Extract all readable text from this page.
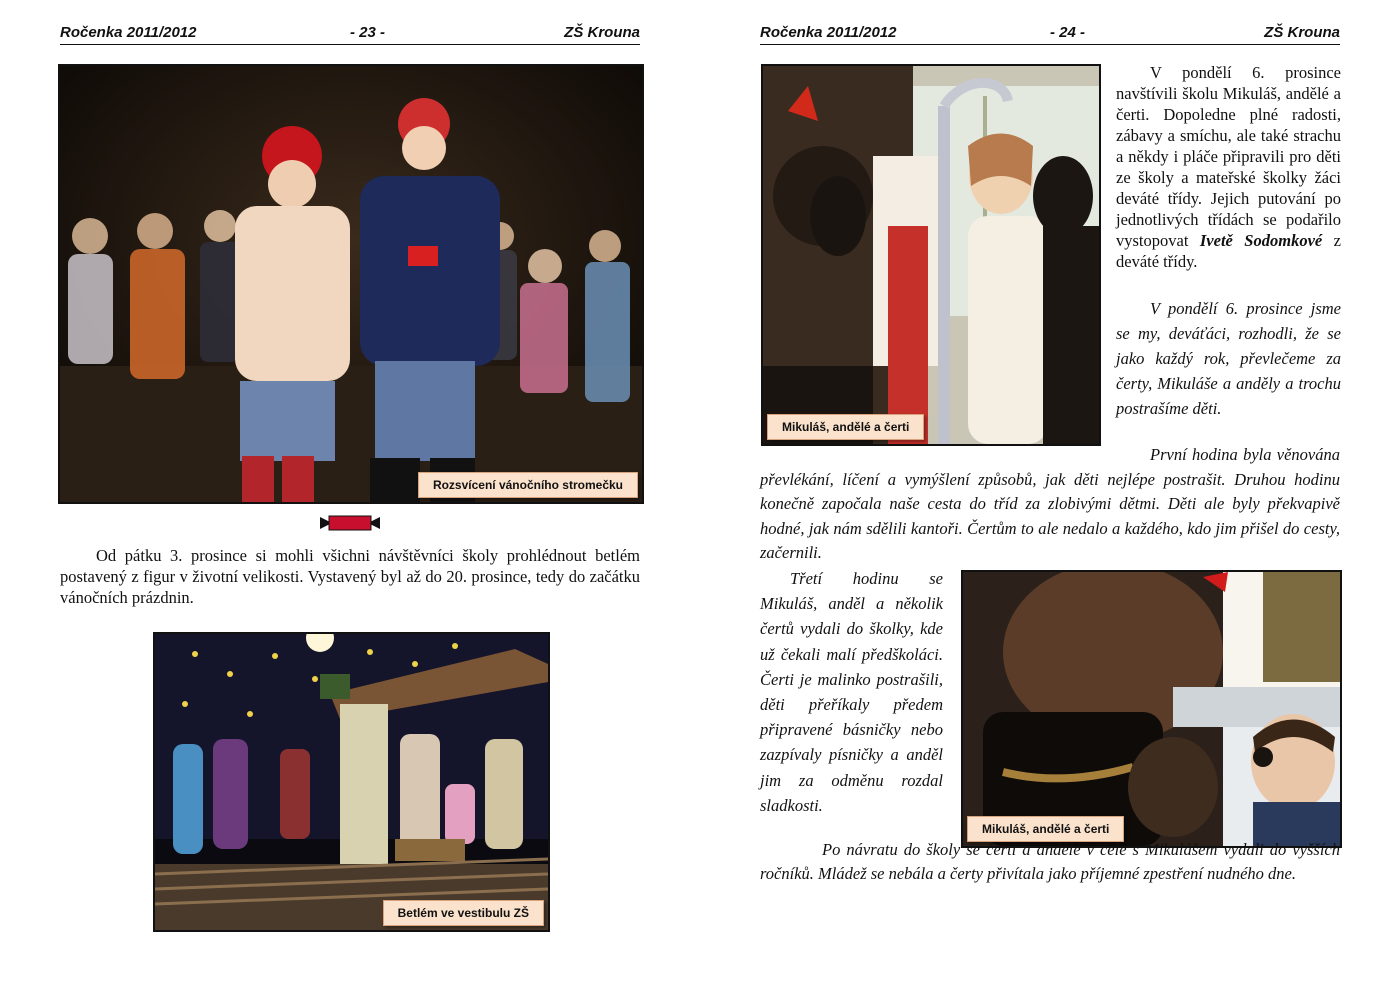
Ročenka 2011/2012	- 23 -	ZŠ Krouna
Rozsvícení vánočního stromečku

Od pátku 3. prosince si mohli všichni návštěvníci školy prohlédnout betlém postavený z figur v životní velikosti. Vystavený byl až do 20. prosince, tedy do začátku vánočních prázdnin.

Betlém ve vestibulu ZŠ
Ročenka 2011/2012	- 24 -	ZŠ Krouna
Mikuláš, andělé a čerti

V pondělí 6. prosince navštívili školu Mikuláš, andělé a čerti. Dopoledne plné radosti, zábavy a smíchu, ale také strachu a někdy i pláče připravili pro děti ze školy a mateřské školky žáci deváté třídy. Jejich putování po jednotlivých třídách se podařilo vystopovat Ivetě Sodomkové z deváté třídy.

V pondělí 6. prosince jsme se my, deváťáci, rozhodli, že se jako každý rok, převlečeme za čerty, Mikuláše a anděly a trochu postrašíme děti.

První hodina byla věnována převlékání, líčení a vymýšlení způsobů, jak děti nejlépe postrašit. Druhou hodinu konečně započala naše cesta do tříd za zlobivými dětmi. Děti ale byly překvapivě hodné, jak nám sdělili kantoři. Čertům to ale nedalo a každého, kdo jim přišel do cesty, začernili.

Třetí hodinu se Mikuláš, anděl a několik čertů vydali do školky, kde už čekali malí předškoláci. Čerti je malinko postrašili, děti přeříkaly předem připravené básničky nebo zazpívaly písničky a anděl jim za odměnu rozdal sladkosti.

Mikuláš, andělé a čerti

Po návratu do školy se čerti a andělé v čele s Mikulášem vydali do vyšších ročníků. Mládež se nebála a čerty přivítala jako příjemné zpestření nudného dne.
